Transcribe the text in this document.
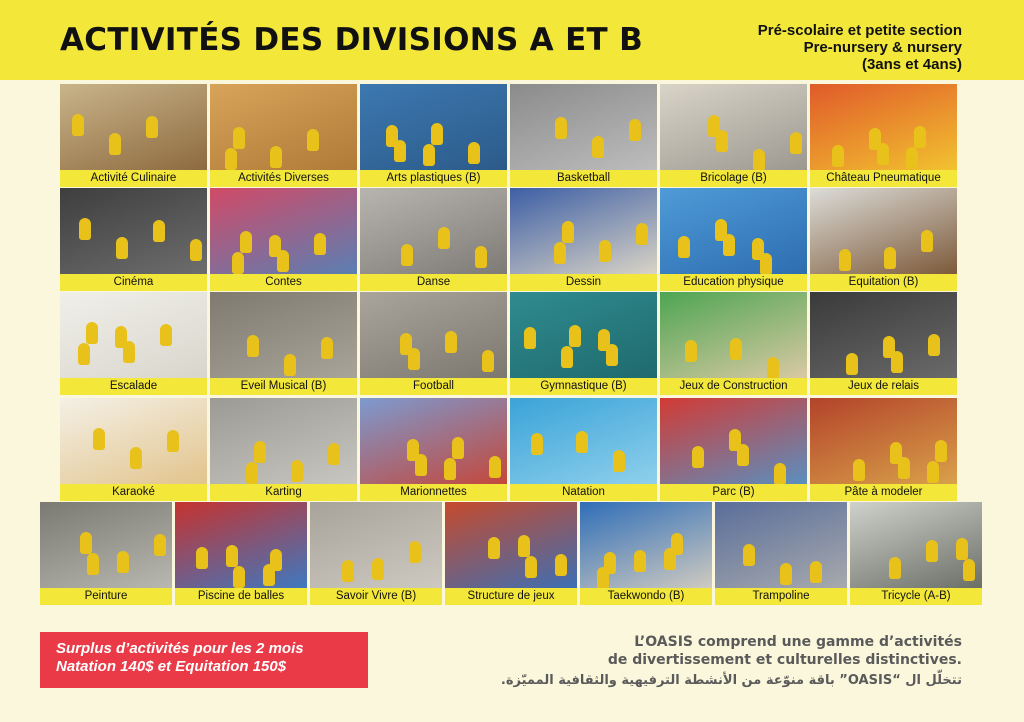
ACTIVITÉS DES DIVISIONS A ET B	Pré-scolaire et petite section
Pre-nursery & nursery
(3ans et 4ans)
Activité Culinaire	Activités Diverses	Arts plastiques (B)	Basketball	Bricolage (B)	Château Pneumatique
Cinéma	Contes	Danse	Dessin	Education physique	Equitation (B)
Escalade	Eveil Musical (B)	Football	Gymnastique (B)	Jeux de Construction	Jeux de relais
Karaoké	Karting	Marionnettes	Natation	Parc (B)	Pâte à modeler
Peinture	Piscine de balles	Savoir Vivre (B)	Structure de jeux	Taekwondo (B)	Trampoline	Tricycle (A-B)
Surplus d’activités pour les 2 mois
Natation 140$ et Equitation 150$
L’OASIS comprend une gamme d’activités
de divertissement et culturelles distinctives.
تتخلّل ال “OASIS” باقة منوّعة من الأنشطة الترفيهية والثقافية المميّزة.
